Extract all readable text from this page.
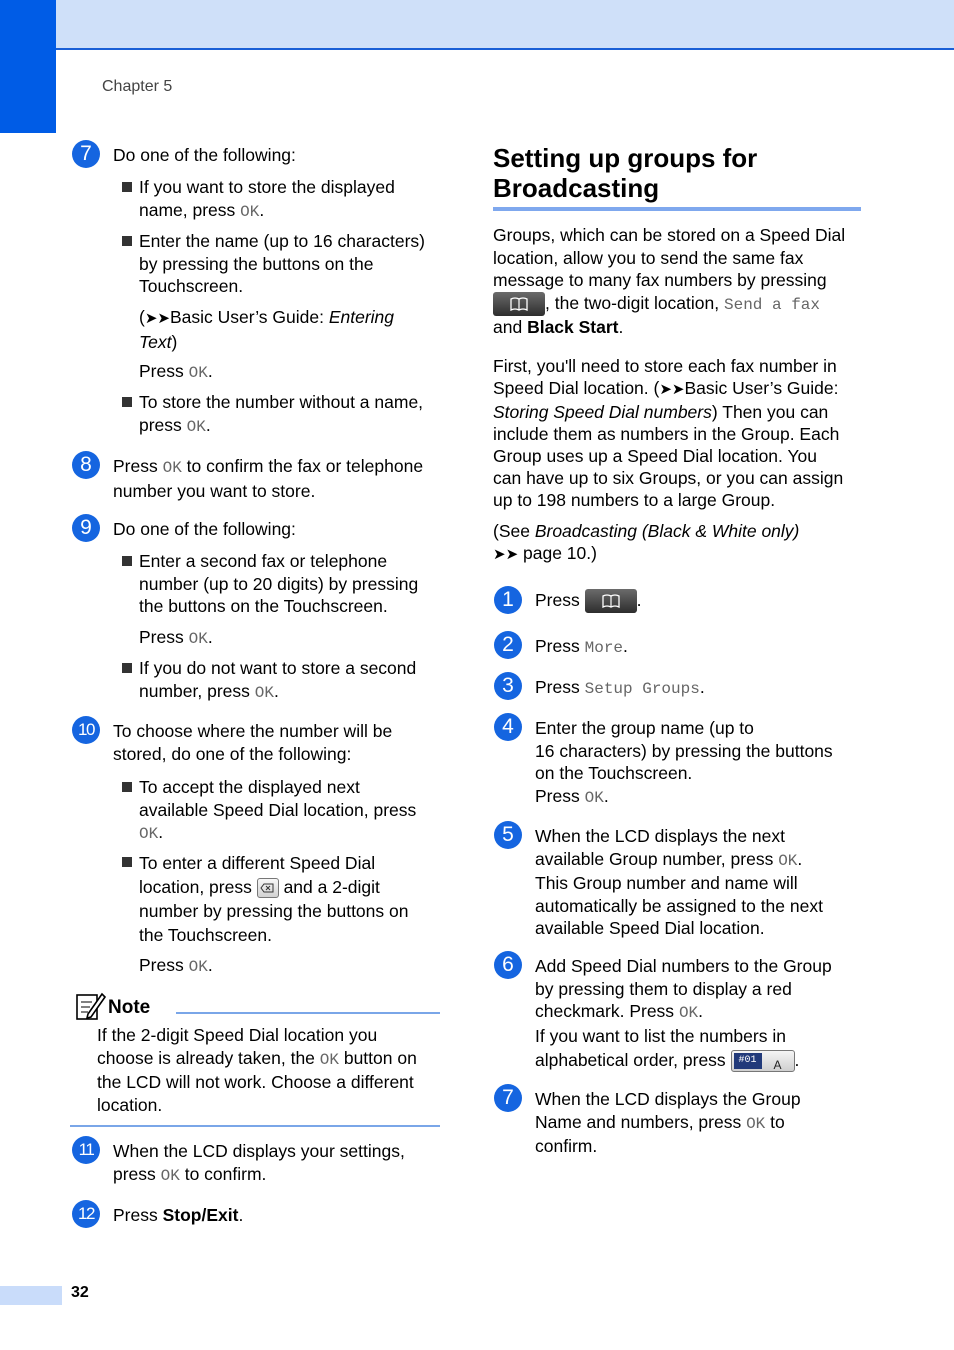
Chapter 5
7	Do one of the following:
If you want to store the displayed
name, press OK.
Enter the name (up to 16 characters)
by pressing the buttons on the
Touchscreen.
(➤➤Basic User’s Guide: Entering
Text)
Press OK.
To store the number without a name,
press OK.
8	Press OK to confirm the fax or telephone
number you want to store.
9	Do one of the following:
Enter a second fax or telephone
number (up to 20 digits) by pressing
the buttons on the Touchscreen.
Press OK.
If you do not want to store a second
number, press OK.
10	To choose where the number will be
stored, do one of the following:
To accept the displayed next
available Speed Dial location, press
OK.
To enter a different Speed Dial
location, press  and a 2-digit
number by pressing the buttons on
the Touchscreen.
Press OK.
Note
If the 2-digit Speed Dial location you
choose is already taken, the OK button on
the LCD will not work. Choose a different
location.
11	When the LCD displays your settings,
press OK to confirm.
12	Press Stop/Exit.
Setting up groups for
Broadcasting
Groups, which can be stored on a Speed Dial
location, allow you to send the same fax
message to many fax numbers by pressing

, the two-digit location, Send a fax
and Black Start.
First, you'll need to store each fax number in
Speed Dial location. (➤➤Basic User’s Guide:
Storing Speed Dial numbers) Then you can
include them as numbers in the Group. Each
Group uses up a Speed Dial location. You
can have up to six Groups, or you can assign
up to 198 numbers to a large Group.
(See Broadcasting (Black & White only)
➤➤ page 10.)
1	Press	.
2	Press More.
3	Press Setup Groups.
4	Enter the group name (up to
16 characters) by pressing the buttons
on the Touchscreen.
Press OK.
5	When the LCD displays the next
available Group number, press OK.
This Group number and name will
automatically be assigned to the next
available Speed Dial location.
6	Add Speed Dial numbers to the Group
by pressing them to display a red
checkmark. Press OK.
If you want to list the numbers in
alphabetical order, press #01	A .
7	When the LCD displays the Group
Name and numbers, press OK to
confirm.
32
